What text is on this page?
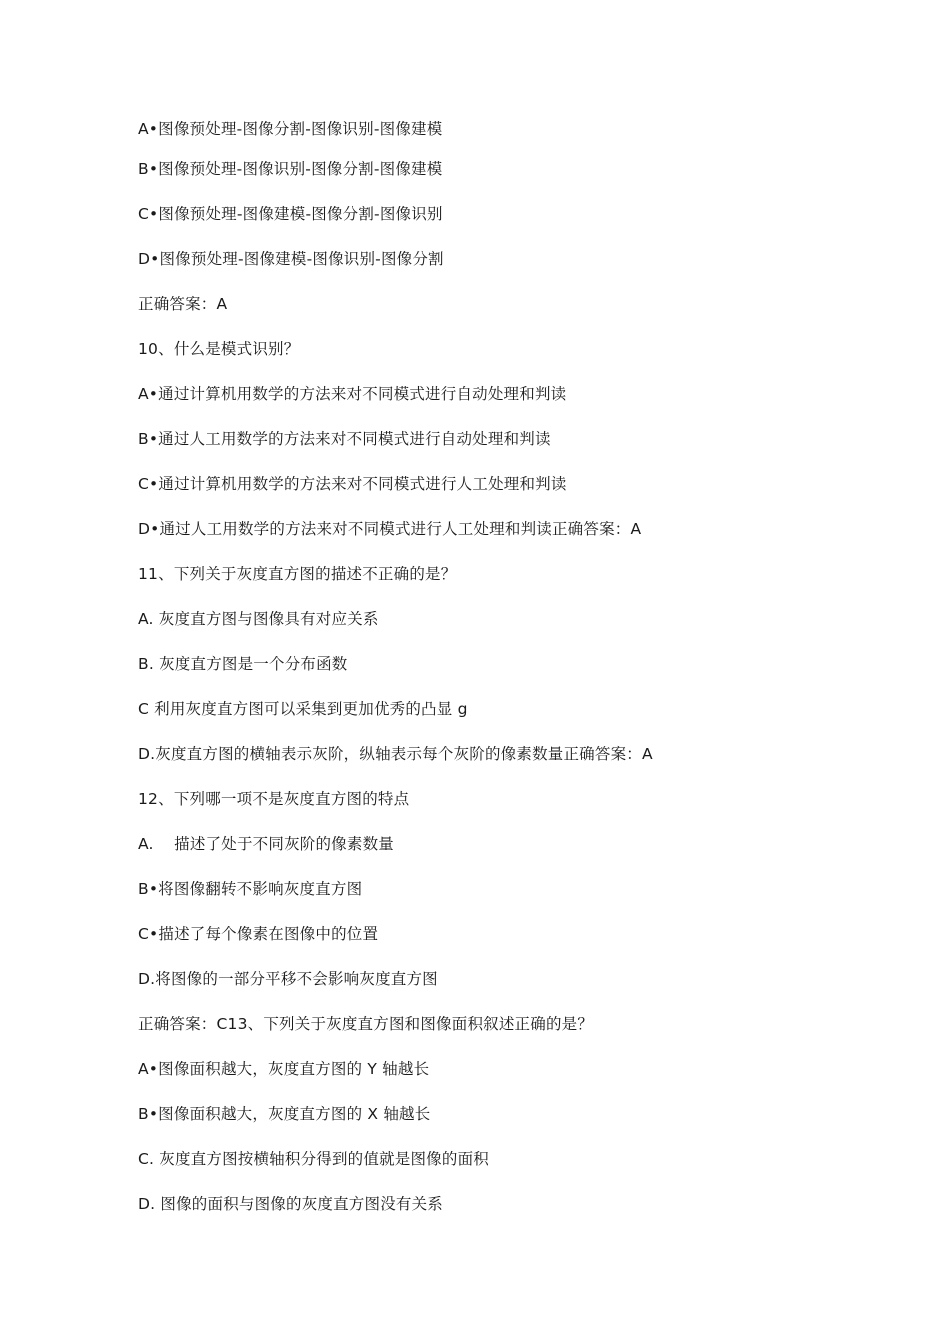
A•图像预处理-图像分割-图像识别-图像建模
B•图像预处理-图像识别-图像分割-图像建模
C•图像预处理-图像建模-图像分割-图像识别
D•图像预处理-图像建模-图像识别-图像分割
正确答案：A
10、什么是模式识别？
A•通过计算机用数学的方法来对不同模式进行自动处理和判读
B•通过人工用数学的方法来对不同模式进行自动处理和判读
C•通过计算机用数学的方法来对不同模式进行人工处理和判读
D•通过人工用数学的方法来对不同模式进行人工处理和判读正确答案：A
11、下列关于灰度直方图的描述不正确的是？
A. 灰度直方图与图像具有对应关系
B. 灰度直方图是一个分布函数
C 利用灰度直方图可以采集到更加优秀的凸显 g
D.灰度直方图的横轴表示灰阶，纵轴表示每个灰阶的像素数量正确答案：A
12、下列哪一项不是灰度直方图的特点
A.    描述了处于不同灰阶的像素数量
B•将图像翻转不影响灰度直方图
C•描述了每个像素在图像中的位置
D.将图像的一部分平移不会影响灰度直方图
正确答案：C13、下列关于灰度直方图和图像面积叙述正确的是？
A•图像面积越大，灰度直方图的 Y 轴越长
B•图像面积越大，灰度直方图的 X 轴越长
C. 灰度直方图按横轴积分得到的值就是图像的面积
D. 图像的面积与图像的灰度直方图没有关系
